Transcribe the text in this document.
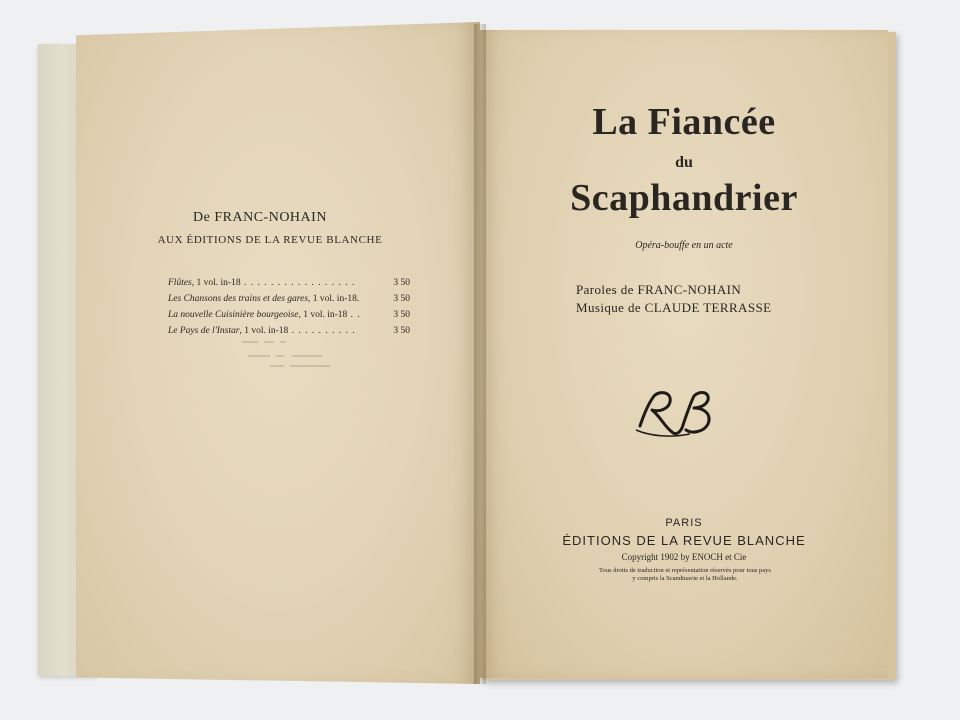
De FRANC-NOHAIN
AUX ÉDITIONS DE LA REVUE BLANCHE
Flûtes, 1 vol. in-18 . . . . . . . . . . . . . . . . .	3 50
Les Chansons des trains et des gares, 1 vol. in-18.	3 50
La nouvelle Cuisinière bourgeoise, 1 vol. in-18 . .	3 50
Le Pays de l'Instar, 1 vol. in-18 . . . . . . . . . .	3 50
La Fiancée
du
Scaphandrier
Opéra-bouffe en un acte
Paroles de FRANC-NOHAIN
Musique de CLAUDE TERRASSE
PARIS
ÉDITIONS DE LA REVUE BLANCHE
Copyright 1902 by ENOCH et Cie
Tous droits de traduction et représentation réservés pour tous pays
y compris la Scandinavie et la Hollande.
